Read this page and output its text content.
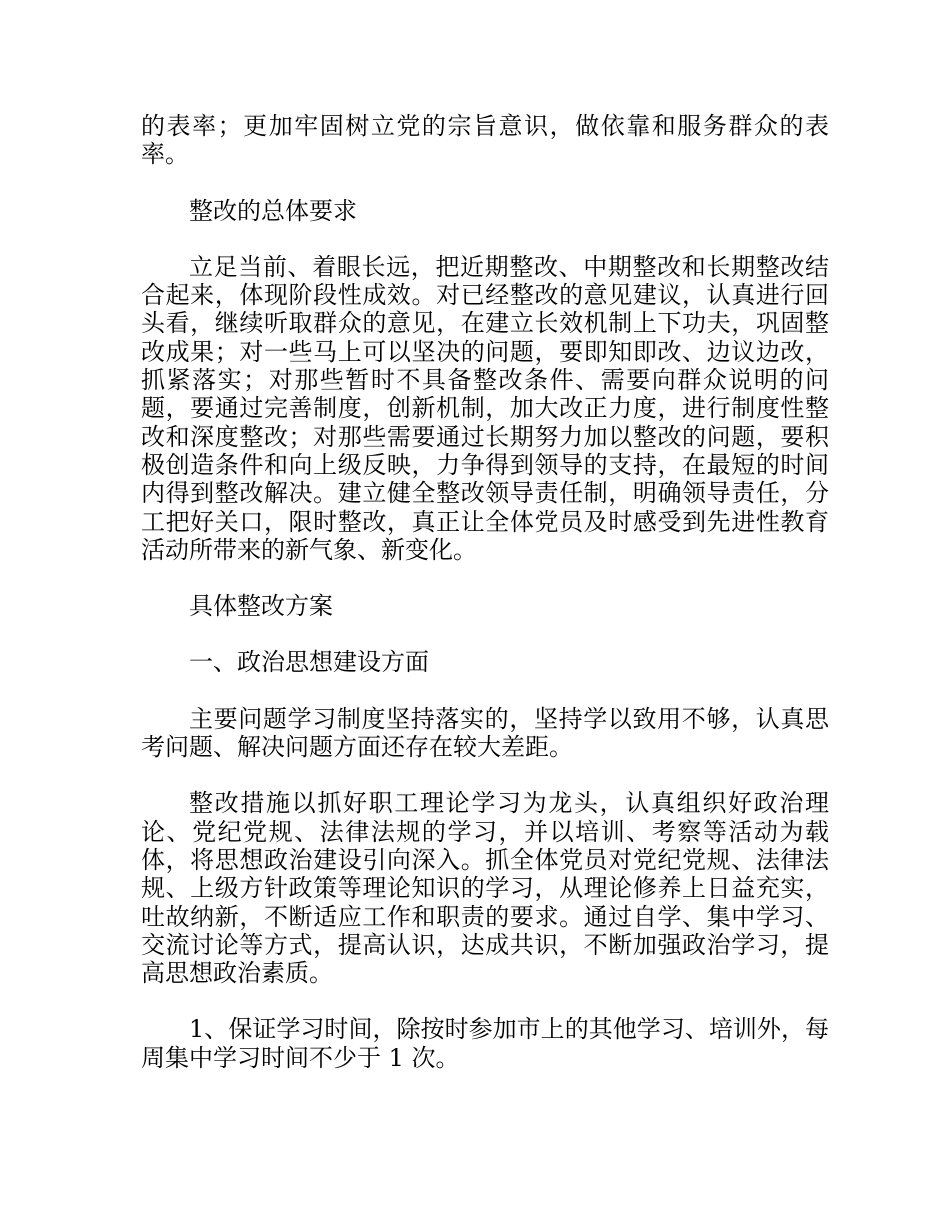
的表率；更加牢固树立党的宗旨意识，做依靠和服务群众的表率。

整改的总体要求

立足当前、着眼长远，把近期整改、中期整改和长期整改结合起来，体现阶段性成效。对已经整改的意见建议，认真进行回头看，继续听取群众的意见，在建立长效机制上下功夫，巩固整改成果；对一些马上可以坚决的问题，要即知即改、边议边改，抓紧落实；对那些暂时不具备整改条件、需要向群众说明的问题，要通过完善制度，创新机制，加大改正力度，进行制度性整改和深度整改；对那些需要通过长期努力加以整改的问题，要积极创造条件和向上级反映，力争得到领导的支持，在最短的时间内得到整改解决。建立健全整改领导责任制，明确领导责任，分工把好关口，限时整改，真正让全体党员及时感受到先进性教育活动所带来的新气象、新变化。

具体整改方案

一、政治思想建设方面

主要问题学习制度坚持落实的，坚持学以致用不够，认真思考问题、解决问题方面还存在较大差距。

整改措施以抓好职工理论学习为龙头，认真组织好政治理论、党纪党规、法律法规的学习，并以培训、考察等活动为载体，将思想政治建设引向深入。抓全体党员对党纪党规、法律法规、上级方针政策等理论知识的学习，从理论修养上日益充实，吐故纳新，不断适应工作和职责的要求。通过自学、集中学习、交流讨论等方式，提高认识，达成共识，不断加强政治学习，提高思想政治素质。

1、保证学习时间，除按时参加市上的其他学习、培训外，每周集中学习时间不少于 1 次。
